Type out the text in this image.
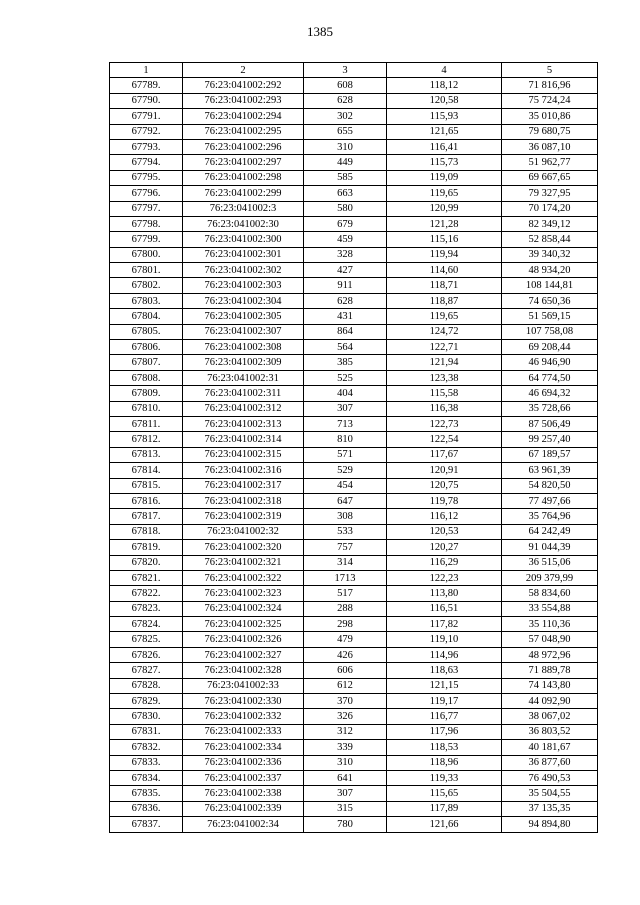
1385
1	2	3	4	5
67789.	76:23:041002:292	608	118,12	71 816,96
67790.	76:23:041002:293	628	120,58	75 724,24
67791.	76:23:041002:294	302	115,93	35 010,86
67792.	76:23:041002:295	655	121,65	79 680,75
67793.	76:23:041002:296	310	116,41	36 087,10
67794.	76:23:041002:297	449	115,73	51 962,77
67795.	76:23:041002:298	585	119,09	69 667,65
67796.	76:23:041002:299	663	119,65	79 327,95
67797.	76:23:041002:3	580	120,99	70 174,20
67798.	76:23:041002:30	679	121,28	82 349,12
67799.	76:23:041002:300	459	115,16	52 858,44
67800.	76:23:041002:301	328	119,94	39 340,32
67801.	76:23:041002:302	427	114,60	48 934,20
67802.	76:23:041002:303	911	118,71	108 144,81
67803.	76:23:041002:304	628	118,87	74 650,36
67804.	76:23:041002:305	431	119,65	51 569,15
67805.	76:23:041002:307	864	124,72	107 758,08
67806.	76:23:041002:308	564	122,71	69 208,44
67807.	76:23:041002:309	385	121,94	46 946,90
67808.	76:23:041002:31	525	123,38	64 774,50
67809.	76:23:041002:311	404	115,58	46 694,32
67810.	76:23:041002:312	307	116,38	35 728,66
67811.	76:23:041002:313	713	122,73	87 506,49
67812.	76:23:041002:314	810	122,54	99 257,40
67813.	76:23:041002:315	571	117,67	67 189,57
67814.	76:23:041002:316	529	120,91	63 961,39
67815.	76:23:041002:317	454	120,75	54 820,50
67816.	76:23:041002:318	647	119,78	77 497,66
67817.	76:23:041002:319	308	116,12	35 764,96
67818.	76:23:041002:32	533	120,53	64 242,49
67819.	76:23:041002:320	757	120,27	91 044,39
67820.	76:23:041002:321	314	116,29	36 515,06
67821.	76:23:041002:322	1713	122,23	209 379,99
67822.	76:23:041002:323	517	113,80	58 834,60
67823.	76:23:041002:324	288	116,51	33 554,88
67824.	76:23:041002:325	298	117,82	35 110,36
67825.	76:23:041002:326	479	119,10	57 048,90
67826.	76:23:041002:327	426	114,96	48 972,96
67827.	76:23:041002:328	606	118,63	71 889,78
67828.	76:23:041002:33	612	121,15	74 143,80
67829.	76:23:041002:330	370	119,17	44 092,90
67830.	76:23:041002:332	326	116,77	38 067,02
67831.	76:23:041002:333	312	117,96	36 803,52
67832.	76:23:041002:334	339	118,53	40 181,67
67833.	76:23:041002:336	310	118,96	36 877,60
67834.	76:23:041002:337	641	119,33	76 490,53
67835.	76:23:041002:338	307	115,65	35 504,55
67836.	76:23:041002:339	315	117,89	37 135,35
67837.	76:23:041002:34	780	121,66	94 894,80
